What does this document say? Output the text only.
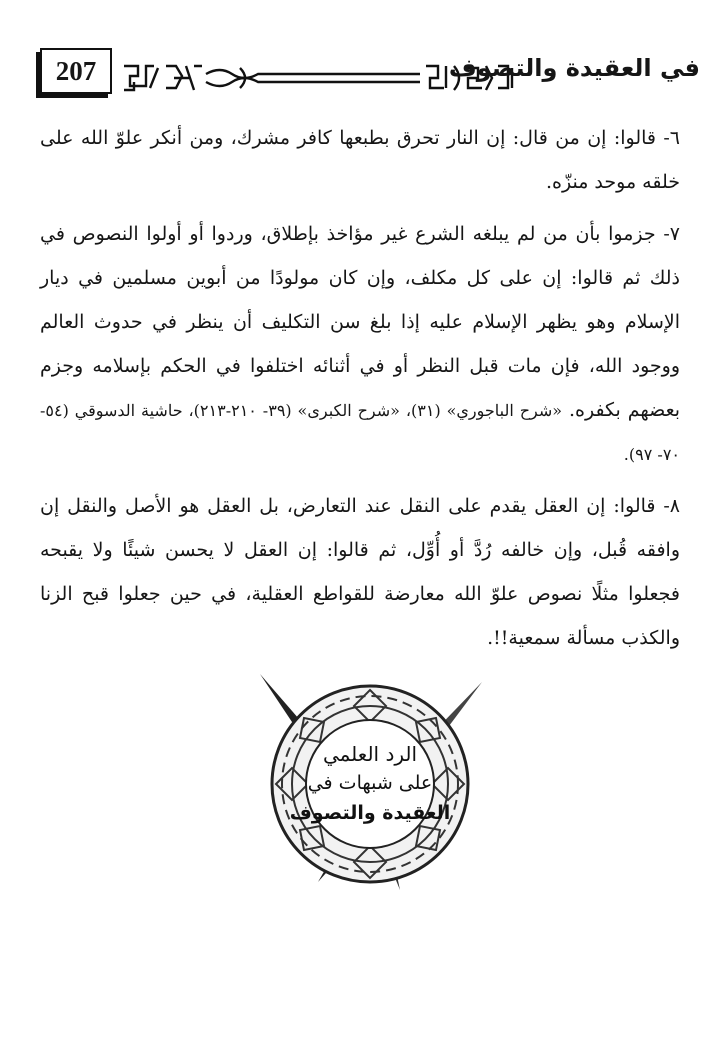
207	في العقيدة والتصوف

٦- قالوا: إن من قال: إن النار تحرق بطبعها كافر مشرك، ومن أنكر علوّ الله على خلقه موحد منزّه.

٧- جزموا بأن من لم يبلغه الشرع غير مؤاخذ بإطلاق، وردوا أو أولوا النصوص في ذلك ثم قالوا: إن على كل مكلف، وإن كان مولودًا من أبوين مسلمين في ديار الإسلام وهو يظهر الإسلام عليه إذا بلغ سن التكليف أن ينظر في حدوث العالم ووجود الله، فإن مات قبل النظر أو في أثنائه اختلفوا في الحكم بإسلامه وجزم بعضهم بكفره. «شرح الباجوري» (٣١)، «شرح الكبرى» (٣٩- ٢١٠-٢١٣)، حاشية الدسوقي (٥٤- ٧٠- ٩٧).

٨- قالوا: إن العقل يقدم على النقل عند التعارض، بل العقل هو الأصل والنقل إن وافقه قُبل، وإن خالفه رُدَّ أو أُوِّل، ثم قالوا: إن العقل لا يحسن شيئًا ولا يقبحه فجعلوا مثلًا نصوص علوّ الله معارضة للقواطع العقلية، في حين جعلوا قبح الزنا والكذب مسألة سمعية!!.

الرد العلمي
على شبهات في
العقيدة والتصوف
